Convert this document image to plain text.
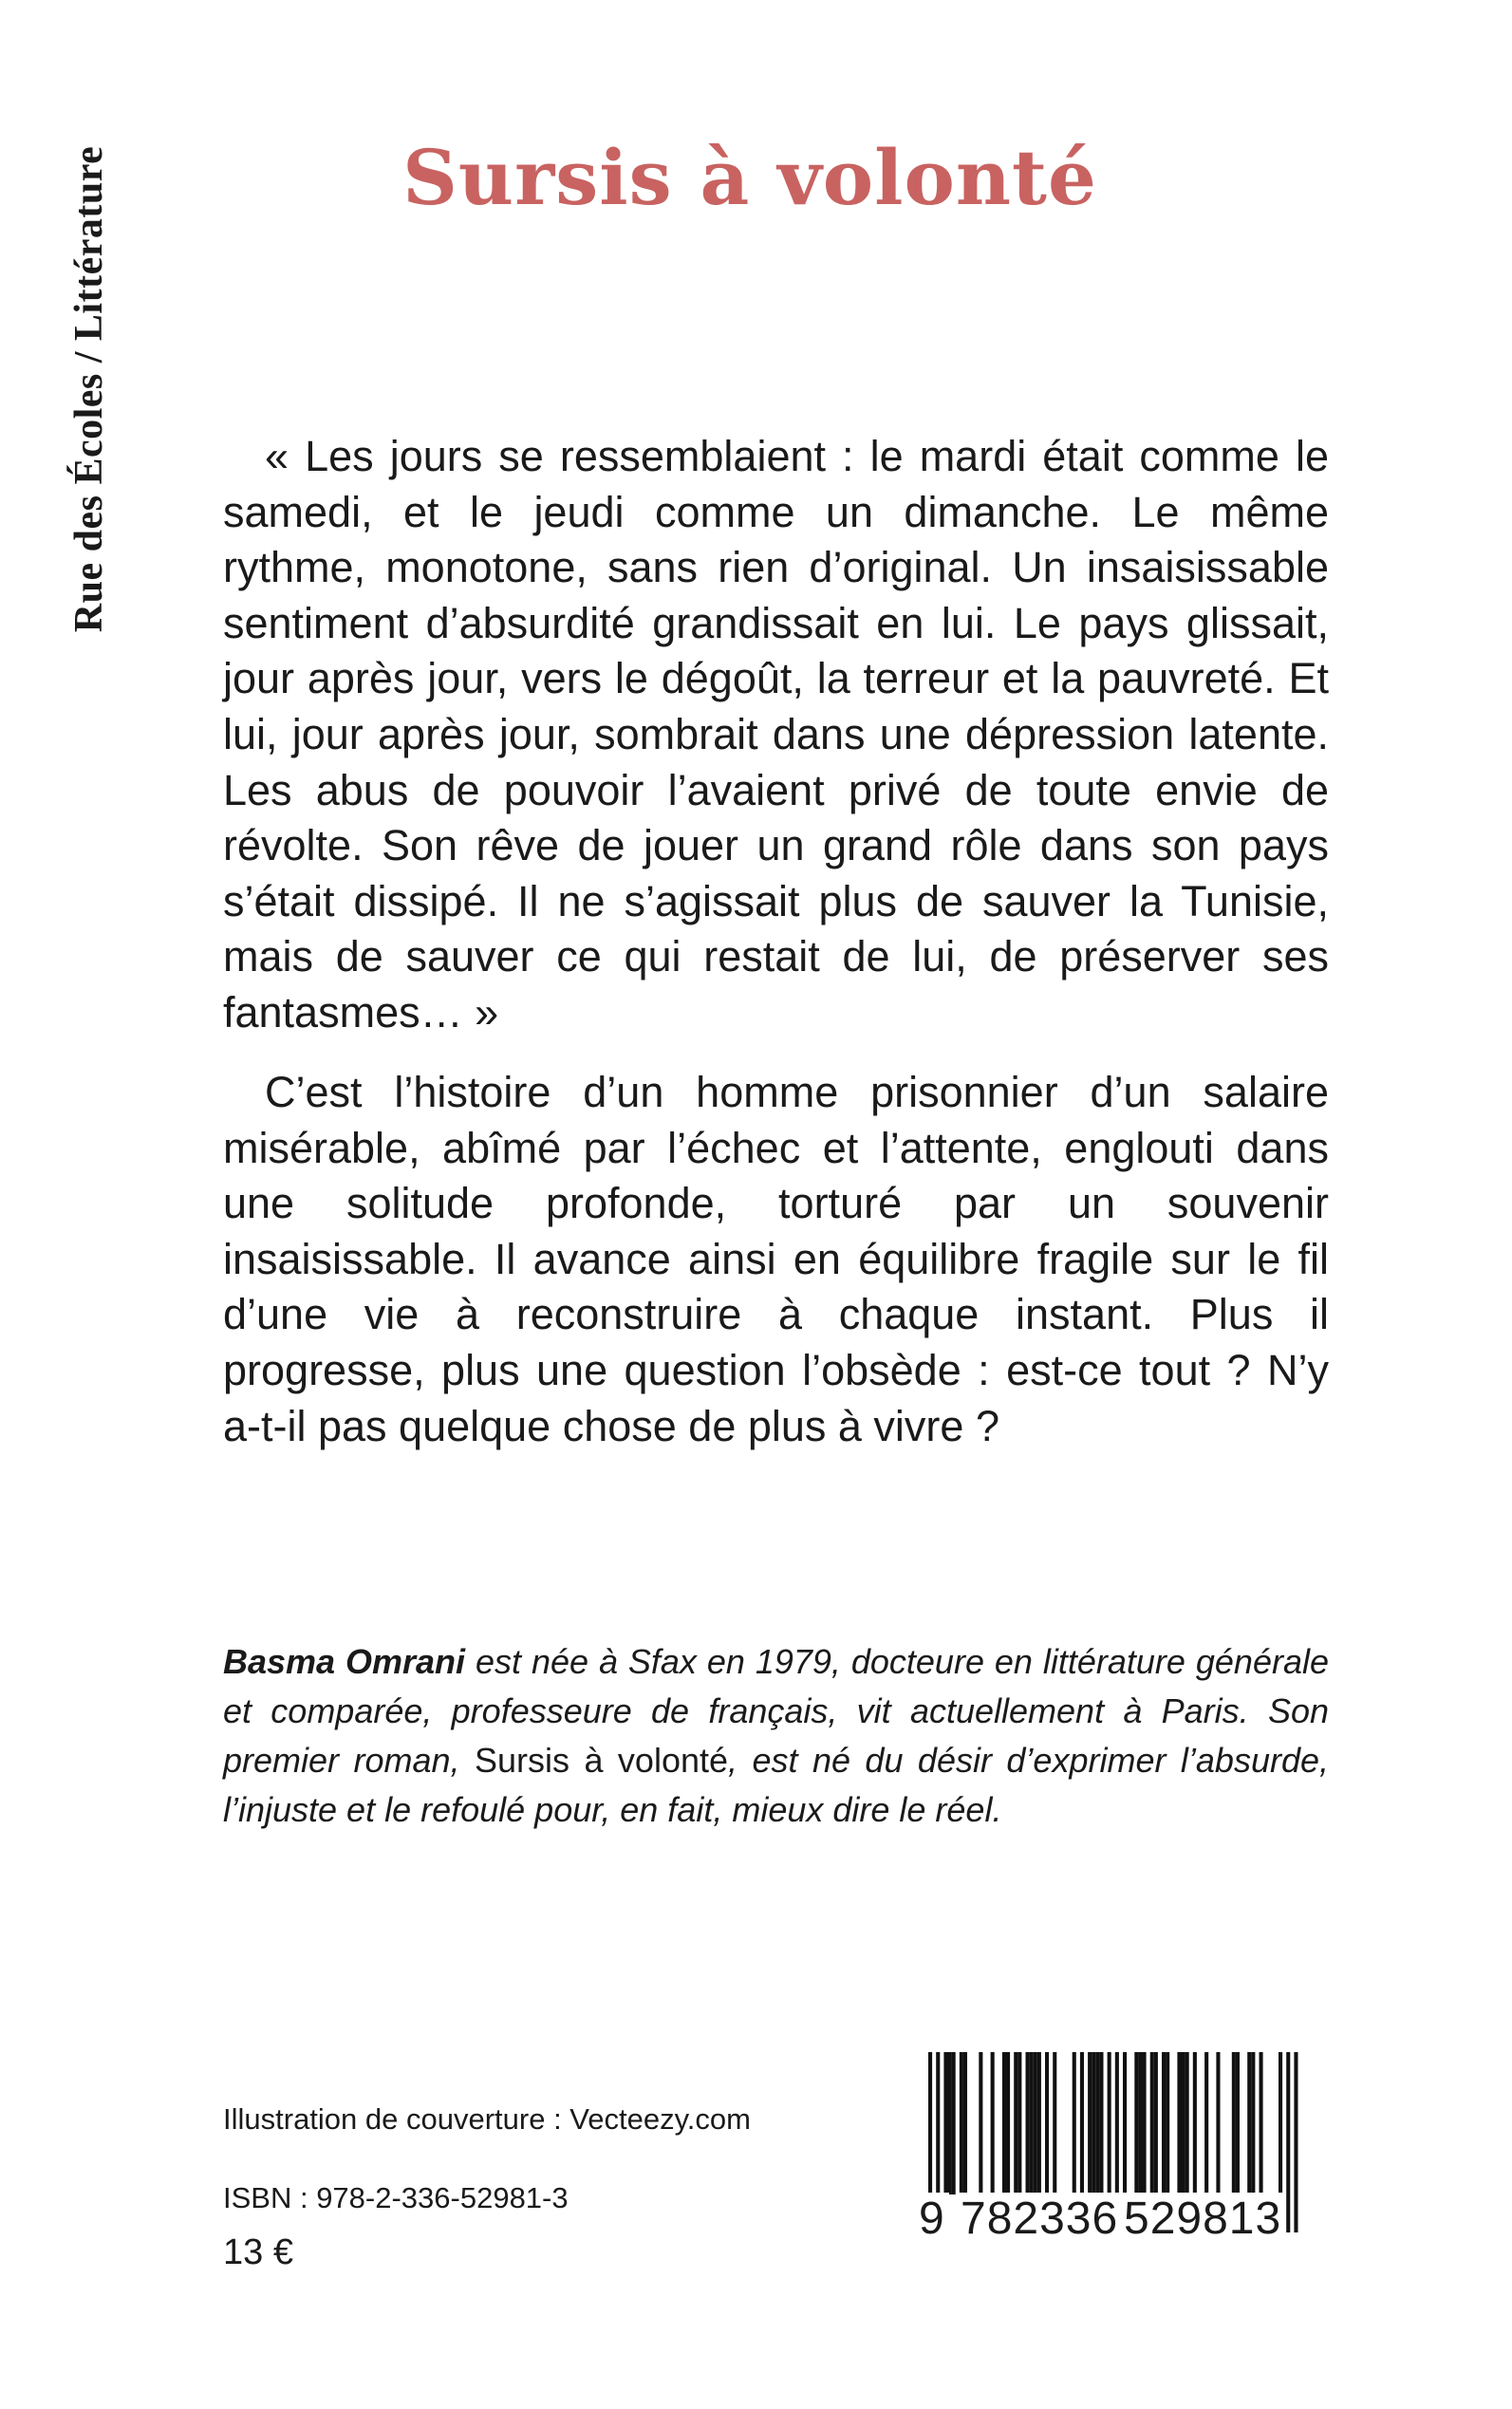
Rue des Écoles / Littérature	Sursis à volonté

« Les jours se ressemblaient : le mardi était comme le samedi, et le jeudi comme un dimanche. Le même rythme, monotone, sans rien d’original. Un insaisissable sentiment d’absurdité grandissait en lui. Le pays glissait, jour après jour, vers le dégoût, la terreur et la pauvreté. Et lui, jour après jour, sombrait dans une dépression latente. Les abus de pouvoir l’avaient privé de toute envie de révolte. Son rêve de jouer un grand rôle dans son pays s’était dissipé. Il ne s’agissait plus de sauver la Tunisie, mais de sauver ce qui restait de lui, de préserver ses fantasmes… »

C’est l’histoire d’un homme prisonnier d’un salaire misérable, abîmé par l’échec et l’attente, englouti dans une solitude profonde, torturé par un souvenir insaisissable. Il avance ainsi en équilibre fragile sur le fil d’une vie à reconstruire à chaque instant. Plus il progresse, plus une question l’obsède : est-ce tout ? N’y a-t-il pas quelque chose de plus à vivre ?

Basma Omrani est née à Sfax en 1979, docteure en littérature générale et comparée, professeure de français, vit actuellement à Paris. Son premier roman, Sursis à volonté, est né du désir d’exprimer l’absurde, l’injuste et le refoulé pour, en fait, mieux dire le réel.

Illustration de couverture : Vecteezy.com
ISBN : 978-2-336-52981-3
13 €
9 782336 529813
